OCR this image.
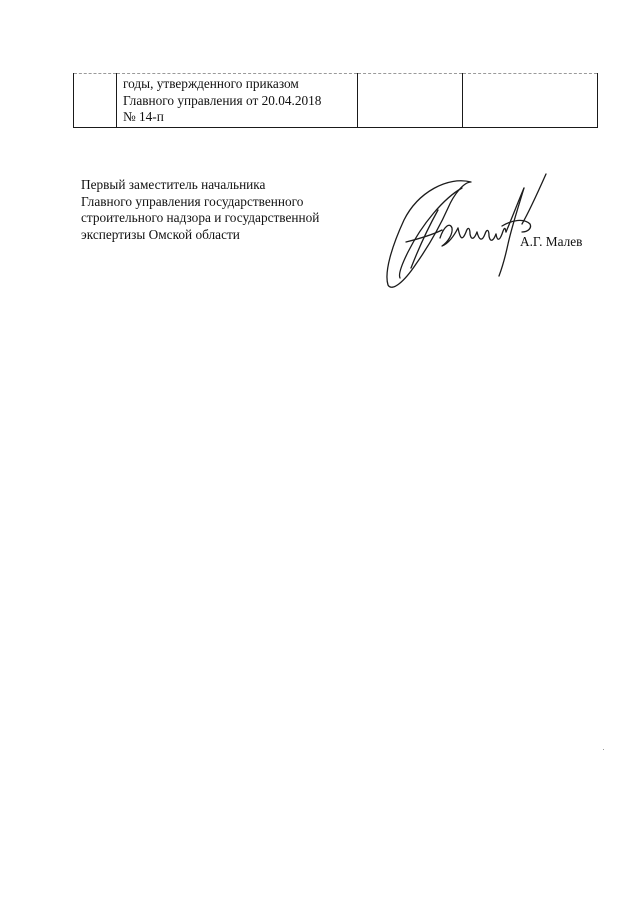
годы, утвержденного приказом
Главного управления от 20.04.2018
№ 14-п

Первый заместитель начальника
Главного управления государственного
строительного надзора и государственной
экспертизы Омской области	А.Г. Малев
